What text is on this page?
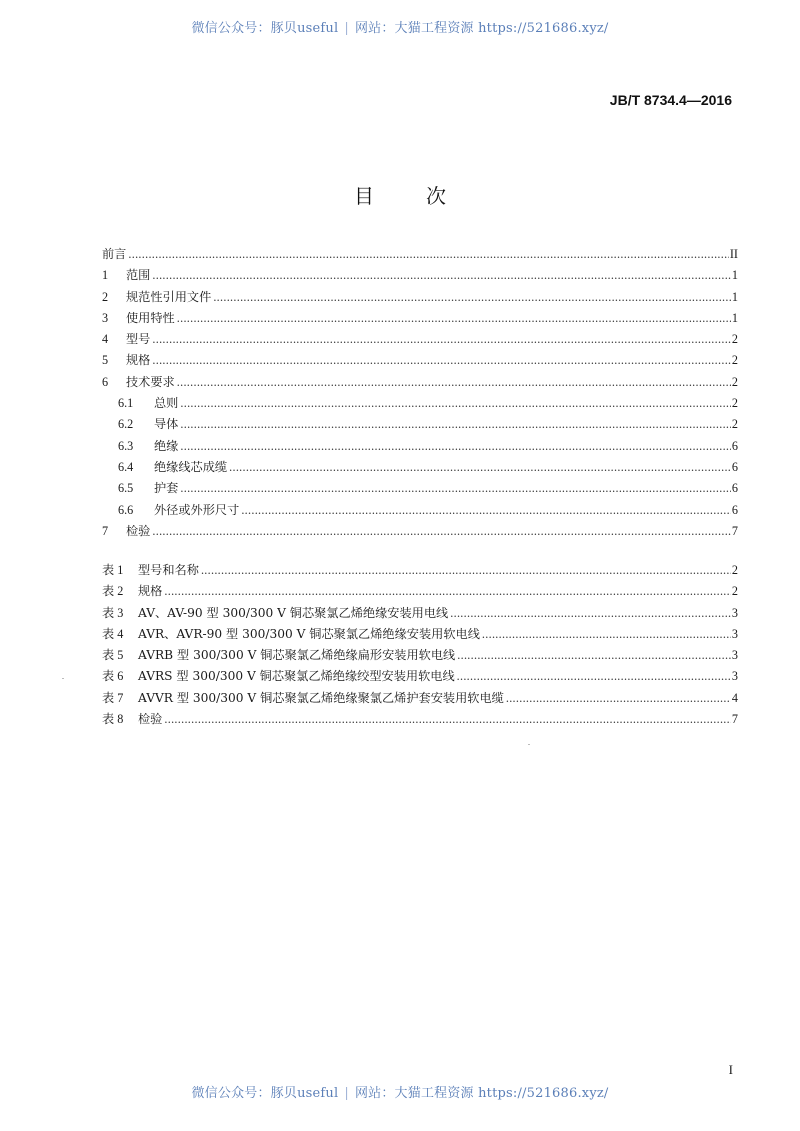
微信公众号：豚贝useful | 网站：大猫工程资源 https://521686.xyz/
JB/T 8734.4—2016
目	次
前言 .....	II
1	范围 .....	1
2	规范性引用文件 .....	1
3	使用特性 .....	1
4	型号 .....	2
5	规格 .....	2
6	技术要求 .....	2
6.1	总则 .....	2
6.2	导体 .....	2
6.3	绝缘 .....	6
6.4	绝缘线芯成缆 .....	6
6.5	护套 .....	6
6.6	外径或外形尺寸 .....	6
7	检验 .....	7
表 1	型号和名称 .....	2
表 2	规格 .....	2
表 3	AV、AV-90 型 300/300 V 铜芯聚氯乙烯绝缘安装用电线 .....	3
表 4	AVR、AVR-90 型 300/300 V 铜芯聚氯乙烯绝缘安装用软电线 .....	3
表 5	AVRB 型 300/300 V 铜芯聚氯乙烯绝缘扁形安装用软电线 .....	3
表 6	AVRS 型 300/300 V 铜芯聚氯乙烯绝缘绞型安装用软电线 .....	3
表 7	AVVR 型 300/300 V 铜芯聚氯乙烯绝缘聚氯乙烯护套安装用软电缆 .....	4
表 8	检验 .....	7
I
微信公众号：豚贝useful | 网站：大猫工程资源 https://521686.xyz/
